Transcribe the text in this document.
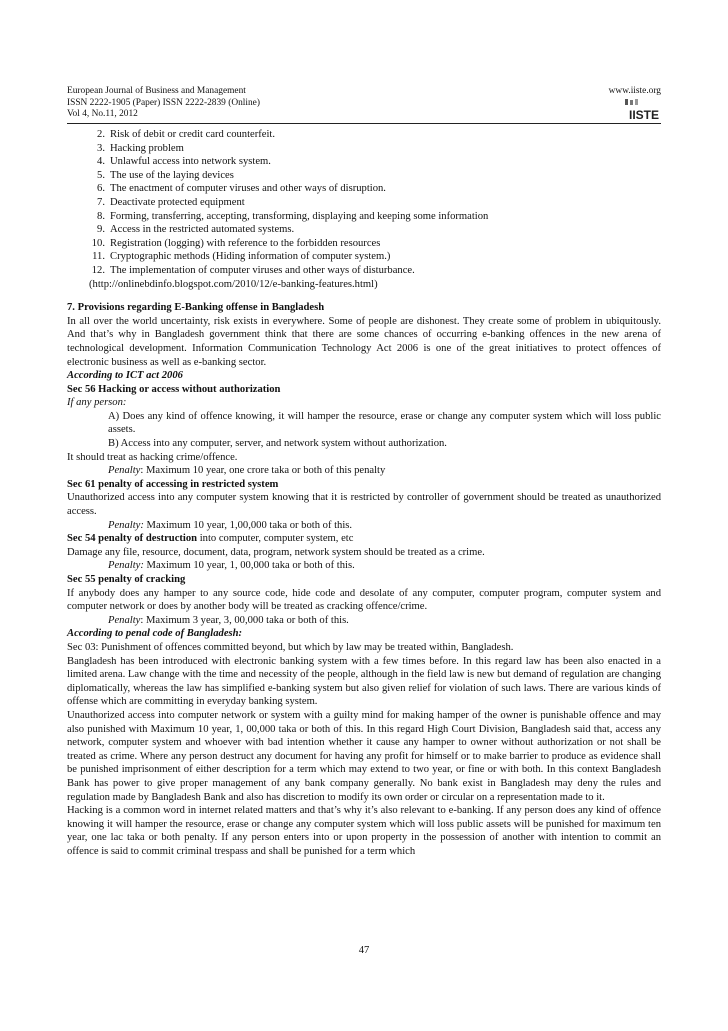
European Journal of Business and Management
ISSN 2222-1905 (Paper) ISSN 2222-2839 (Online)
Vol 4, No.11, 2012
www.iiste.org
IISTE
2. Risk of debit or credit card counterfeit.
3. Hacking problem
4. Unlawful access into network system.
5. The use of the laying devices
6. The enactment of computer viruses and other ways of disruption.
7. Deactivate protected equipment
8. Forming, transferring, accepting, transforming, displaying and keeping some information
9. Access in the restricted automated systems.
10. Registration (logging) with reference to the forbidden resources
11. Cryptographic methods (Hiding information of computer system.)
12. The implementation of computer viruses and other ways of disturbance.
(http://onlinebdinfo.blogspot.com/2010/12/e-banking-features.html)
7. Provisions regarding E-Banking offense in Bangladesh

In all over the world uncertainty, risk exists in everywhere. Some of people are dishonest. They create some of problem in ubiquitously. And that’s why in Bangladesh government think that there are some chances of occurring e-banking offences in the new arena of technological development. Information Communication Technology Act 2006 is one of the great initiatives to protect offences of electronic business as well as e-banking sector.

According to ICT act 2006
Sec 56 Hacking or access without authorization
If any person:

A) Does any kind of offence knowing, it will hamper the resource, erase or change any computer system which will loss public assets.

B) Access into any computer, server, and network system without authorization.

It should treat as hacking crime/offence.
Penalty: Maximum 10 year, one crore taka or both of this penalty
Sec 61 penalty of accessing in restricted system

Unauthorized access into any computer system knowing that it is restricted by controller of government should be treated as unauthorized access.

Penalty: Maximum 10 year, 1,00,000 taka or both of this.
Sec 54 penalty of destruction into computer, computer system, etc

Damage any file, resource, document, data, program, network system should be treated as a crime.

Penalty: Maximum 10 year, 1, 00,000 taka or both of this.
Sec 55 penalty of cracking

If anybody does any hamper to any source code, hide code and desolate of any computer, computer program, computer system and computer network or does by another body will be treated as cracking offence/crime.

Penalty: Maximum 3 year, 3, 00,000 taka or both of this.
According to penal code of Bangladesh:

Sec 03: Punishment of offences committed beyond, but which by law may be treated within, Bangladesh.

Bangladesh has been introduced with electronic banking system with a few times before. In this regard law has been also enacted in a limited arena. Law change with the time and necessity of the people, although in the field law is new but demand of regulation are changing diplomatically, whereas the law has simplified e-banking system but also given relief for violation of such laws. There are various kinds of offense which are committing in everyday banking system.

Unauthorized access into computer network or system with a guilty mind for making hamper of the owner is punishable offence and may also punished with Maximum 10 year, 1, 00,000 taka or both of this. In this regard High Court Division, Bangladesh said that, access any network, computer system and whoever with bad intention whether it cause any hamper to owner without authorization or not shall be treated as crime. Where any person destruct any document for having any profit for himself or to make barrier to produce as evidence shall be punished imprisonment of either description for a term which may extend to two year, or fine or with both. In this context Bangladesh Bank has power to give proper management of any bank company generally. No bank exist in Bangladesh may deny the rules and regulation made by Bangladesh Bank and also has discretion to modify its own order or circular on a representation made to it.

Hacking is a common word in internet related matters and that’s why it’s also relevant to e-banking. If any person does any kind of offence knowing it will hamper the resource, erase or change any computer system which will loss public assets will be punished for maximum ten year, one lac taka or both penalty. If any person enters into or upon property in the possession of another with intention to commit an offence is said to commit criminal trespass and shall be punished for a term which

47
